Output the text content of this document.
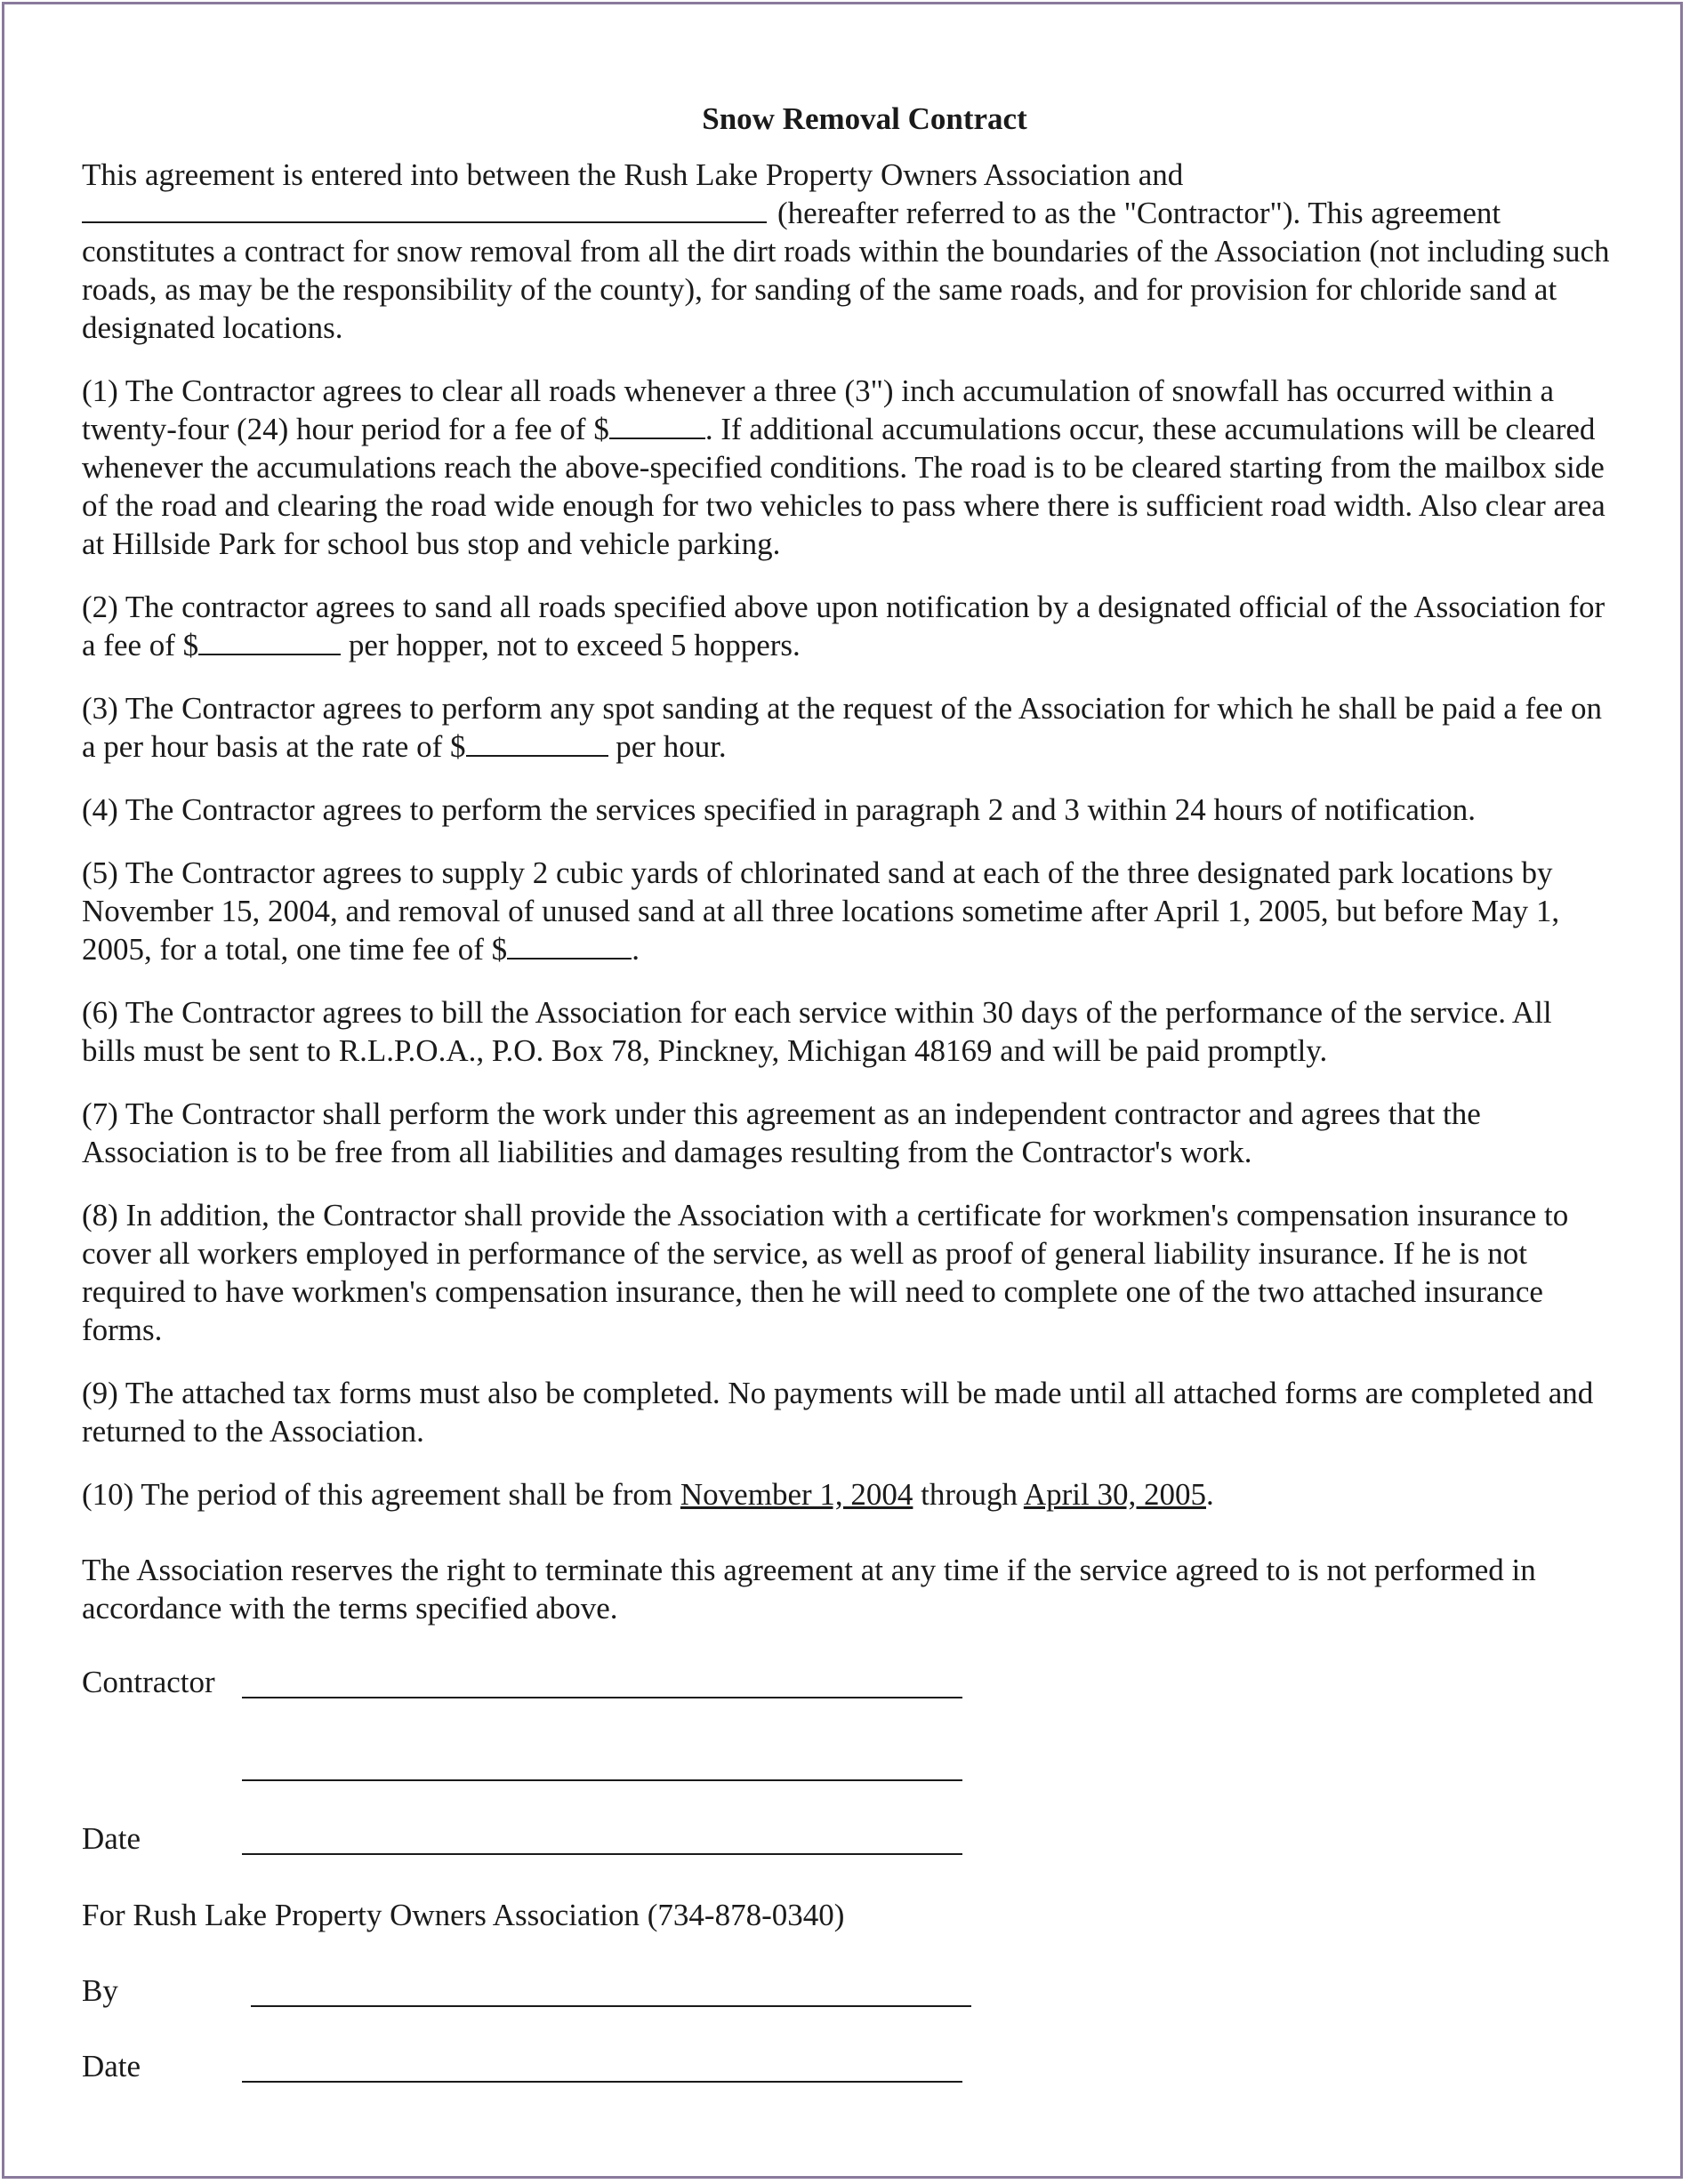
Snow Removal Contract

This agreement is entered into between the Rush Lake Property Owners Association and
(hereafter referred to as the "Contractor"). This agreement constitutes a contract for snow removal from all the dirt roads within the boundaries of the Association (not including such roads, as may be the responsibility of the county), for sanding of the same roads, and for provision for chloride sand at designated locations.

(1) The Contractor agrees to clear all roads whenever a three (3") inch accumulation of snowfall has occurred within a twenty-four (24) hour period for a fee of $	. If additional accumulations occur, these accumulations will be cleared whenever the accumulations reach the above-specified conditions. The road is to be cleared starting from the mailbox side of the road and clearing the road wide enough for two vehicles to pass where there is sufficient road width. Also clear area at Hillside Park for school bus stop and vehicle parking.

(2) The contractor agrees to sand all roads specified above upon notification by a designated official of the Association for a fee of $	per hopper, not to exceed 5 hoppers.

(3) The Contractor agrees to perform any spot sanding at the request of the Association for which he shall be paid a fee on a per hour basis at the rate of $	per hour.

(4) The Contractor agrees to perform the services specified in paragraph 2 and 3 within 24 hours of notification.

(5) The Contractor agrees to supply 2 cubic yards of chlorinated sand at each of the three designated park locations by November 15, 2004, and removal of unused sand at all three locations sometime after April 1, 2005, but before May 1, 2005, for a total, one time fee of $	.

(6) The Contractor agrees to bill the Association for each service within 30 days of the performance of the service. All bills must be sent to R.L.P.O.A., P.O. Box 78, Pinckney, Michigan 48169 and will be paid promptly.

(7) The Contractor shall perform the work under this agreement as an independent contractor and agrees that the Association is to be free from all liabilities and damages resulting from the Contractor's work.

(8) In addition, the Contractor shall provide the Association with a certificate for workmen's compensation insurance to cover all workers employed in performance of the service, as well as proof of general liability insurance. If he is not required to have workmen's compensation insurance, then he will need to complete one of the two attached insurance forms.

(9) The attached tax forms must also be completed. No payments will be made until all attached forms are completed and returned to the Association.

(10) The period of this agreement shall be from November 1, 2004 through April 30, 2005.

The Association reserves the right to terminate this agreement at any time if the service agreed to is not performed in accordance with the terms specified above.

Contractor
Date
For Rush Lake Property Owners Association (734-878-0340)
By
Date
